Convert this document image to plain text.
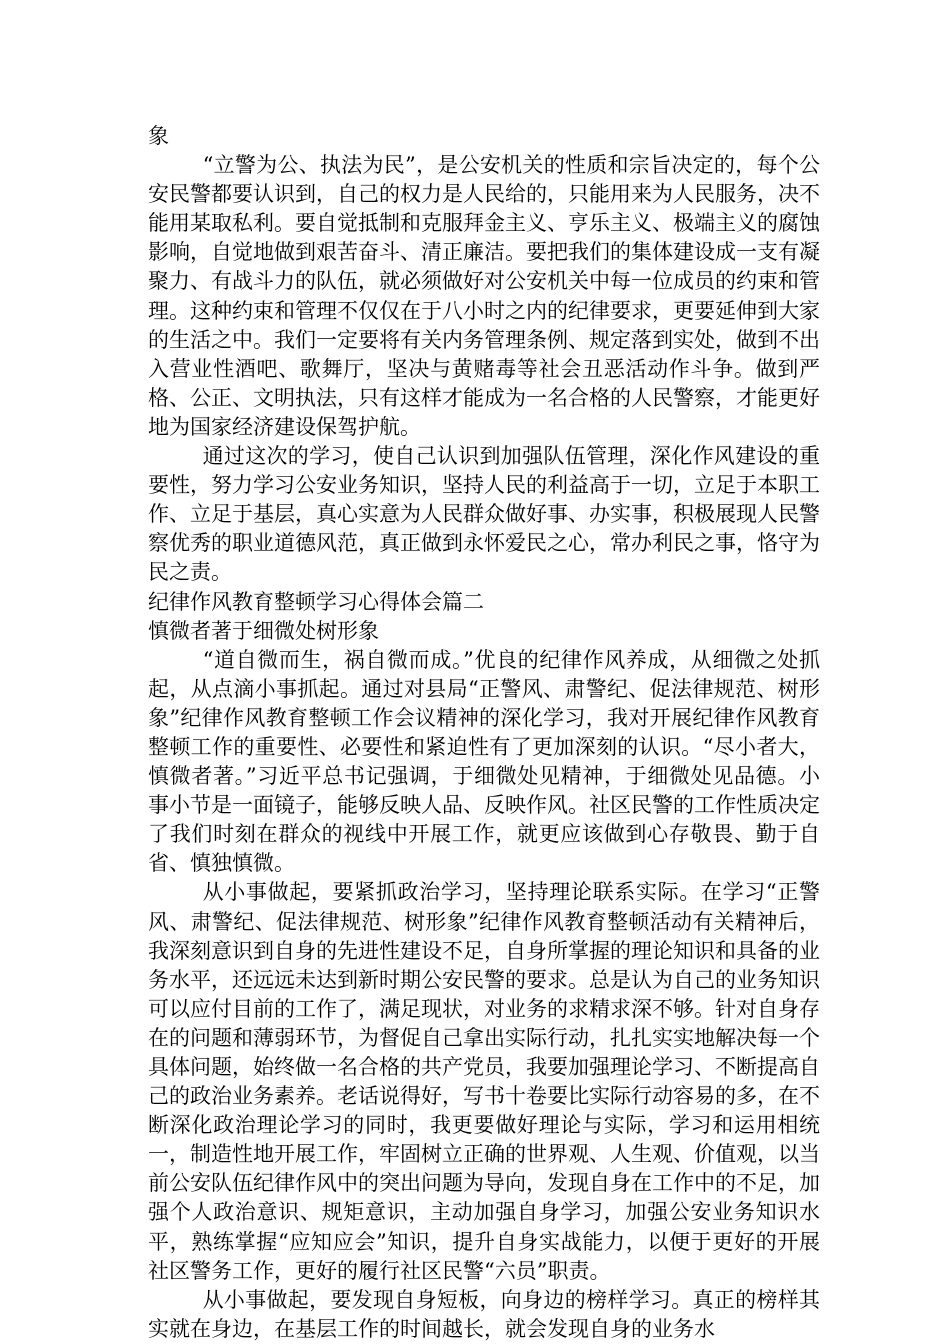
象

“立警为公、执法为民”，是公安机关的性质和宗旨决定的，每个公安民警都要认识到，自己的权力是人民给的，只能用来为人民服务，决不能用某取私利。要自觉抵制和克服拜金主义、亨乐主义、极端主义的腐蚀影响，自觉地做到艰苦奋斗、清正廉洁。要把我们的集体建设成一支有凝聚力、有战斗力的队伍，就必须做好对公安机关中每一位成员的约束和管理。这种约束和管理不仅仅在于八小时之内的纪律要求，更要延伸到大家的生活之中。我们一定要将有关内务管理条例、规定落到实处，做到不出入营业性酒吧、歌舞厅，坚决与黄赌毒等社会丑恶活动作斗争。做到严格、公正、文明执法，只有这样才能成为一名合格的人民警察，才能更好地为国家经济建设保驾护航。

通过这次的学习，使自己认识到加强队伍管理，深化作风建设的重要性，努力学习公安业务知识，坚持人民的利益高于一切，立足于本职工作、立足于基层，真心实意为人民群众做好事、办实事，积极展现人民警察优秀的职业道德风范，真正做到永怀爱民之心，常办利民之事，恪守为民之责。

纪律作风教育整顿学习心得体会篇二

慎微者著于细微处树形象

“道自微而生，祸自微而成。”优良的纪律作风养成，从细微之处抓起，从点滴小事抓起。通过对县局“正警风、肃警纪、促法律规范、树形象”纪律作风教育整顿工作会议精神的深化学习，我对开展纪律作风教育整顿工作的重要性、必要性和紧迫性有了更加深刻的认识。“尽小者大，慎微者著。”习近平总书记强调，于细微处见精神，于细微处见品德。小事小节是一面镜子，能够反映人品、反映作风。社区民警的工作性质决定了我们时刻在群众的视线中开展工作，就更应该做到心存敬畏、勤于自省、慎独慎微。

从小事做起，要紧抓政治学习，坚持理论联系实际。在学习“正警风、肃警纪、促法律规范、树形象”纪律作风教育整顿活动有关精神后，我深刻意识到自身的先进性建设不足，自身所掌握的理论知识和具备的业务水平，还远远未达到新时期公安民警的要求。总是认为自己的业务知识可以应付目前的工作了，满足现状，对业务的求精求深不够。针对自身存在的问题和薄弱环节，为督促自己拿出实际行动，扎扎实实地解决每一个具体问题，始终做一名合格的共产党员，我要加强理论学习、不断提高自己的政治业务素养。老话说得好，写书十卷要比实际行动容易的多，在不断深化政治理论学习的同时，我更要做好理论与实际，学习和运用相统一，制造性地开展工作，牢固树立正确的世界观、人生观、价值观，以当前公安队伍纪律作风中的突出问题为导向，发现自身在工作中的不足，加强个人政治意识、规矩意识，主动加强自身学习，加强公安业务知识水平，熟练掌握“应知应会”知识，提升自身实战能力，以便于更好的开展社区警务工作，更好的履行社区民警“六员”职责。

从小事做起，要发现自身短板，向身边的榜样学习。真正的榜样其实就在身边，在基层工作的时间越长，就会发现自身的业务水
